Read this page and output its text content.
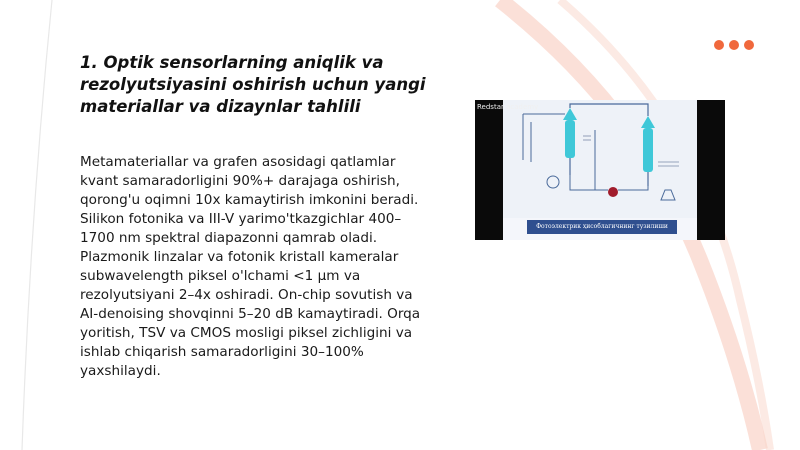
1. Optik sensorlarning aniqlik va rezolyutsiyasini oshirish uchun yangi materiallar va dizaynlar tahlili

Metamateriallar va grafen asosidagi qatlamlar kvant samaradorligini 90%+ darajaga oshirish, qorong'u oqimni 10x kamaytirish imkonini beradi. Silikon fotonika va III-V yarimo'tkazgichlar 400–1700 nm spektral diapazonni qamrab oladi. Plazmonik linzalar va fotonik kristall kameralar subwavelength piksel o'lchami <1 µm va rezolyutsiyani 2–4x oshiradi. On-chip sovutish va AI-denoising shovqinni 5–20 dB kamaytiradi. Orqa yoritish, TSV va CMOS mosligi piksel zichligini va ishlab chiqarish samaradorligini 30–100% yaxshilaydi.

Redstar academy
Фотоэлектрик ҳисоблагичнинг тузилиши
